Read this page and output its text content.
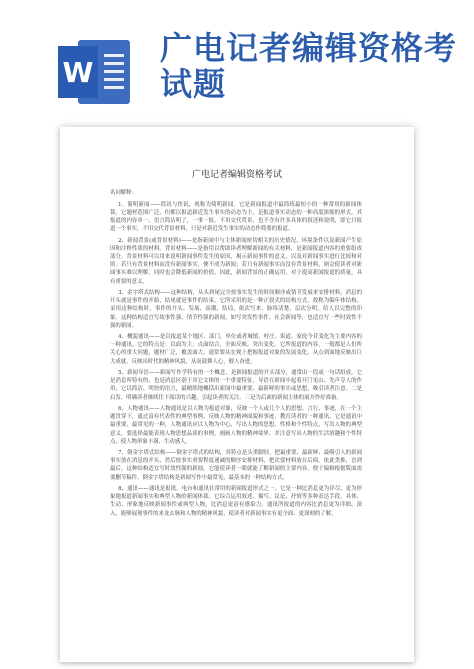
W
广电记者编辑资格考试题
广电记者编辑资格考试

名词解释：

1、简明新闻——简讯与快讯，现称为简明新闻。它是新闻报道中最简练最短小的一种常用的新闻体裁。它题材范围广泛，但都以报道新近发生事实的动态为主，是报道事实动态的一种高度浓缩的形式，其报道的内容单一，语言简洁明了，一事一报，不用交代背景，也不含有许多具体的叙述和说明，即它只报道一个事实，不用交代背景材料，只是对新近发生事实的动态作简要的报道。

2、新闻背景(或背景材料)——是指新闻中与主体新闻密切相关的历史情况、环境条件以及新闻产生原因和注释性质的材料。背景材料——是指用以帮助读者理解新闻的有关材料，是新闻报道内容的重要组成部分。背景材料可以用来说明新闻事件发生的原因，揭示新闻事件的意义，以及对新闻事实进行比较和对照。若只有背景材料而没有新闻事实，便不成为新闻；若只有新闻事实而没有背景材料，则会使读者对新闻事实难以理解，同时也会降低新闻的价值。因此，新闻背景的正确运用，对于提高新闻报道的质量，具有重要的意义。

3、金字塔式结构——这种结构，从头到尾完全按事实发生的时间顺序或情节发展来安排材料，消息的开头就是事件的开始，结尾就是事件的结束。它所采用的是一种正叙式的结构方式，故称为编年体结构。采用这种结构时，事件的开头、发展、高潮、结局，依次写来，脉络清楚，层次分明，给人以完整的印象。这种结构适宜写故事性强、情节性强的新闻，如写突发性事件、社会新闻等，也适宜写一些时效性不强的新闻。

4、概貌通讯——是以报道某个地区、部门、单位或者城镇、村庄、街道、家庭今昔变化为主要内容的一种通讯。它的特点是：以面为主，点面结合，全面反映，突出变化。它所报道的内容，一般都是人们所关心的重大问题，题材广泛，覆盖面大，通常要从宏观上把握报道对象的发展变化，从点到面地反映出巨大成就，反映出时代的精神风貌，从而鼓舞人心，催人奋进。

5、新闻导语——新闻写作学特有的一个概念，是新闻报道的开头部分，通常由一段或一句话组成，它是消息所特有的，也是消息区别于其它文体的一个重要特征。导语在新闻中起着开门见山、先声夺人的作用，它以简洁、明快的语言，最精练地概括出新闻中最重要、最新鲜的事实或思想，吸引读者注意。二是启发、明确读者继续往下阅读的兴趣，引起读者的关注。三是为后面的新闻主体的展开作好准备。

6、人物通讯——人物通讯是以人物为报道对象，反映一个人或几个人的思想、言行、事迹，在一个主题贯穿下，通过富有代表性的典型事例，反映人物的精神面貌和事迹，教育读者的一种通讯。它是通讯中最重要、最常见的一种，人物通讯应以人物为中心，写出人物的思想、性格和个性特点，写出人物的典型意义。要选择最能表现人物思想品质的事例，刻画人物的精神境界，并注意写出人物的生活情趣和个性特点，使人物形象丰满、生动感人。

7、倒金字塔式结构——倒金字塔式的结构，其特点是头重脚轻，把最重要、最新鲜、最吸引人的新闻事实放在消息的开头，然后按事实重要程度递减的顺序安排材料，把次要材料放在后面，依此类推，直到最后。这种结构适宜写时效性强的新闻，它能使读者一眼就能了解新闻的主要内容，便于编辑根据版面需要删节稿件。倒金字塔结构是新闻写作中最常见、最基本的一种结构方式。

8、通讯——通讯是报纸、电台和通讯社常用的新闻报道形式之一。它是一种比消息更为详尽、更为形象地报道新闻事实和典型人物的新闻体裁。它综合运用叙述、描写、议论、抒情等多种表达手段，具体、生动、形象地反映新闻事件或典型人物，比消息更富有感染力。通讯所报道的内容比消息更为详细、深入，能够展现事件的来龙去脉和人物的精神风貌，使读者对新闻事实有更全面、更深刻的了解。
